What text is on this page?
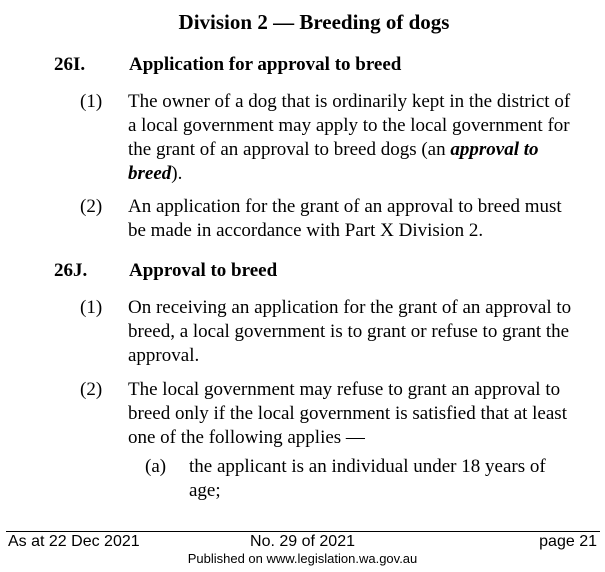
Division 2 — Breeding of dogs
26I. Application for approval to breed
(1) The owner of a dog that is ordinarily kept in the district of a local government may apply to the local government for the grant of an approval to breed dogs (an approval to breed).
(2) An application for the grant of an approval to breed must be made in accordance with Part X Division 2.
26J. Approval to breed
(1) On receiving an application for the grant of an approval to breed, a local government is to grant or refuse to grant the approval.
(2) The local government may refuse to grant an approval to breed only if the local government is satisfied that at least one of the following applies —
(a) the applicant is an individual under 18 years of age;
As at 22 Dec 2021	No. 29 of 2021	page 21
Published on www.legislation.wa.gov.au
